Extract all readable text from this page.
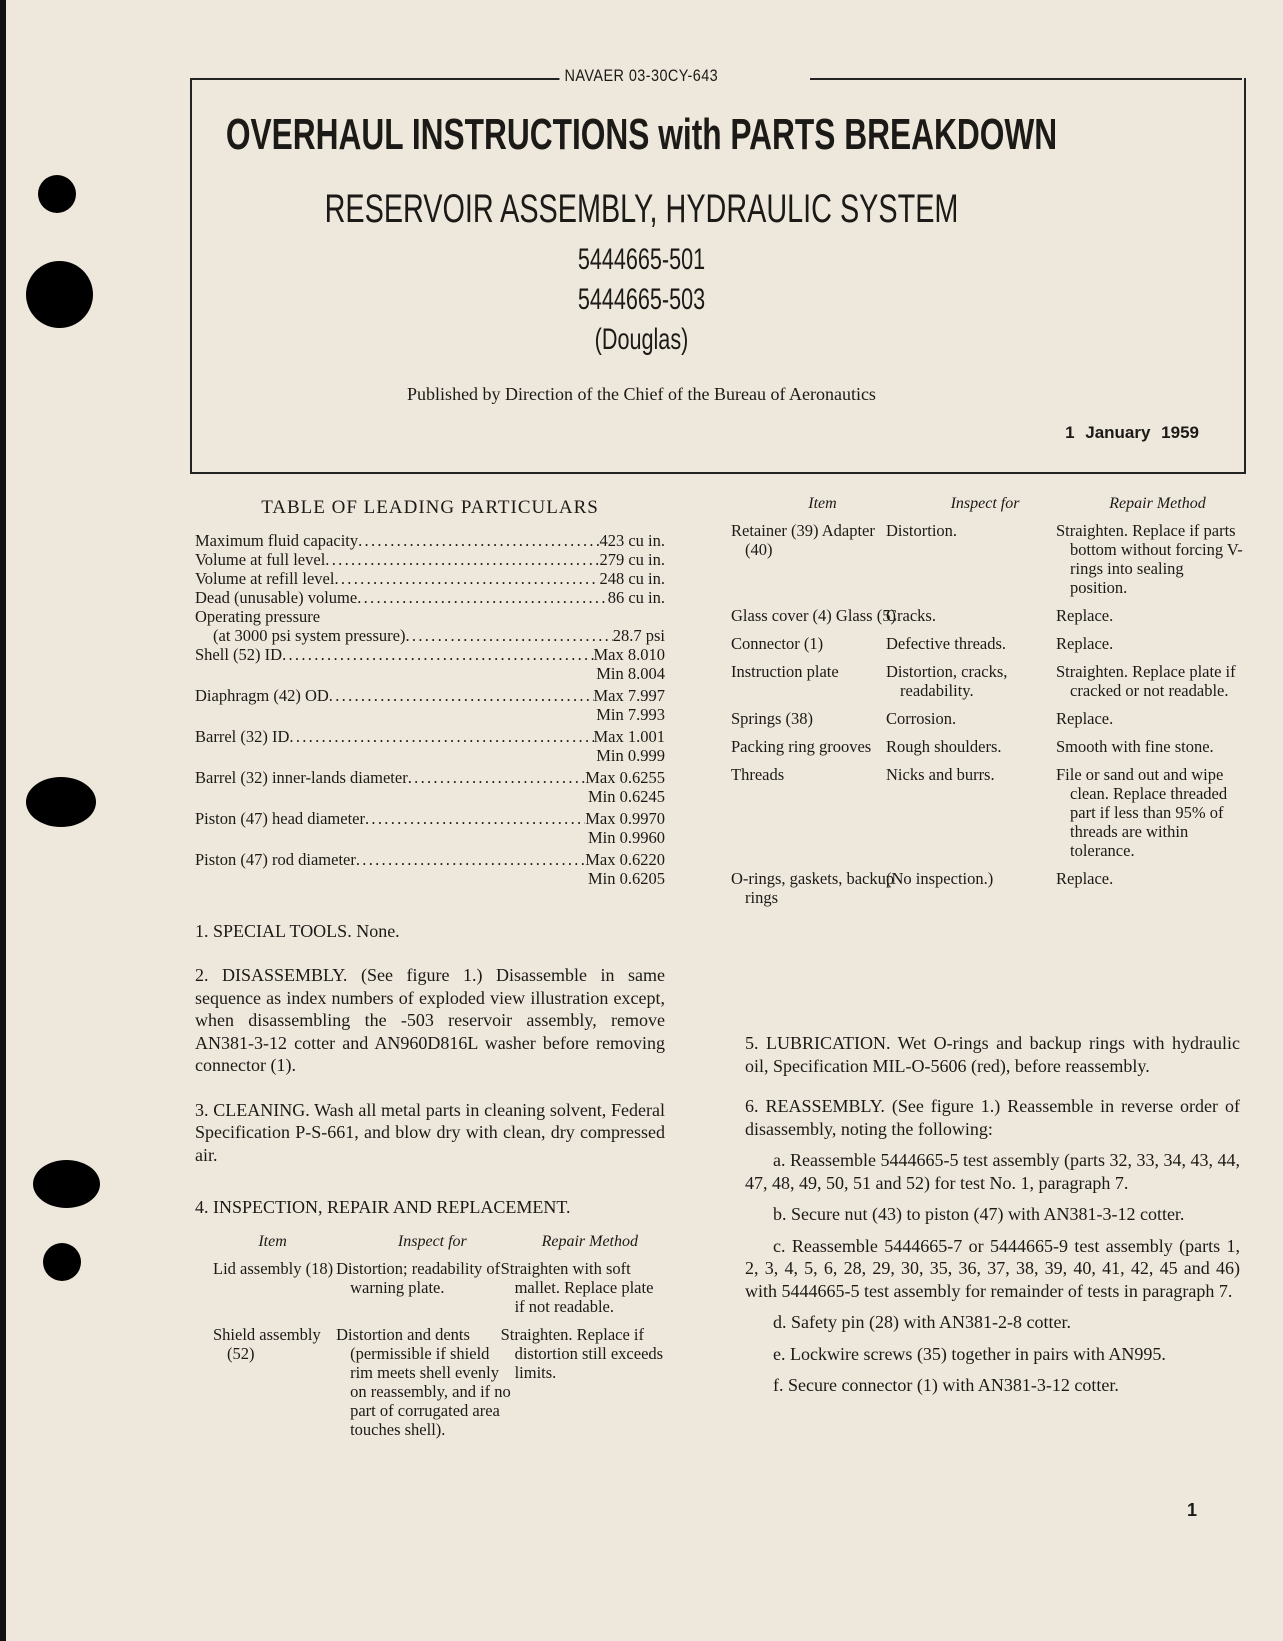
NAVAER 03-30CY-643
OVERHAUL INSTRUCTIONS with PARTS BREAKDOWN
RESERVOIR ASSEMBLY, HYDRAULIC SYSTEM
5444665-501
5444665-503
(Douglas)
Published by Direction of the Chief of the Bureau of Aeronautics
1 January 1959
TABLE OF LEADING PARTICULARS
Maximum fluid capacity .....	423 cu in.
Volume at full level .....	279 cu in.
Volume at refill level .....	248 cu in.
Dead (unusable) volume .....	86 cu in.
Operating pressure
(at 3000 psi system pressure) .....	28.7 psi
Shell (52) ID .....	Max 8.010
Min 8.004
Diaphragm (42) OD .....	Max 7.997
Min 7.993
Barrel (32) ID .....	Max 1.001
Min 0.999
Barrel (32) inner-lands diameter .....	Max 0.6255
Min 0.6245
Piston (47) head diameter .....	Max 0.9970
Min 0.9960
Piston (47) rod diameter .....	Max 0.6220
Min 0.6205
1. SPECIAL TOOLS. None.
2. DISASSEMBLY. (See figure 1.) Disassemble in same sequence as index numbers of exploded view illustration except, when disassembling the -503 reservoir assembly, remove AN381-3-12 cotter and AN960D816L washer before removing connector (1).
3. CLEANING. Wash all metal parts in cleaning solvent, Federal Specification P-S-661, and blow dry with clean, dry compressed air.
4. INSPECTION, REPAIR AND REPLACEMENT.
Item	Inspect for	Repair Method
Lid assembly (18)	Distortion; readability of warning plate.	Straighten with soft mallet. Replace plate if not readable.
Shield assembly (52)	Distortion and dents (permissible if shield rim meets shell evenly on reassembly, and if no part of corrugated area touches shell).	Straighten. Replace if distortion still exceeds limits.
Item	Inspect for	Repair Method
Retainer (39) Adapter (40)	Distortion.	Straighten. Replace if parts bottom without forcing V-rings into sealing position.
Glass cover (4) Glass (5)	Cracks.	Replace.
Connector (1)	Defective threads.	Replace.
Instruction plate	Distortion, cracks, readability.	Straighten. Replace plate if cracked or not readable.
Springs (38)	Corrosion.	Replace.
Packing ring grooves	Rough shoulders.	Smooth with fine stone.
Threads	Nicks and burrs.	File or sand out and wipe clean. Replace threaded part if less than 95% of threads are within tolerance.
O-rings, gaskets, backup rings	(No inspection.)	Replace.
5. LUBRICATION. Wet O-rings and backup rings with hydraulic oil, Specification MIL-O-5606 (red), before reassembly.
6. REASSEMBLY. (See figure 1.) Reassemble in reverse order of disassembly, noting the following:
a. Reassemble 5444665-5 test assembly (parts 32, 33, 34, 43, 44, 47, 48, 49, 50, 51 and 52) for test No. 1, paragraph 7.
b. Secure nut (43) to piston (47) with AN381-3-12 cotter.
c. Reassemble 5444665-7 or 5444665-9 test assembly (parts 1, 2, 3, 4, 5, 6, 28, 29, 30, 35, 36, 37, 38, 39, 40, 41, 42, 45 and 46) with 5444665-5 test assembly for remainder of tests in paragraph 7.
d. Safety pin (28) with AN381-2-8 cotter.
e. Lockwire screws (35) together in pairs with AN995.
f. Secure connector (1) with AN381-3-12 cotter.
1
